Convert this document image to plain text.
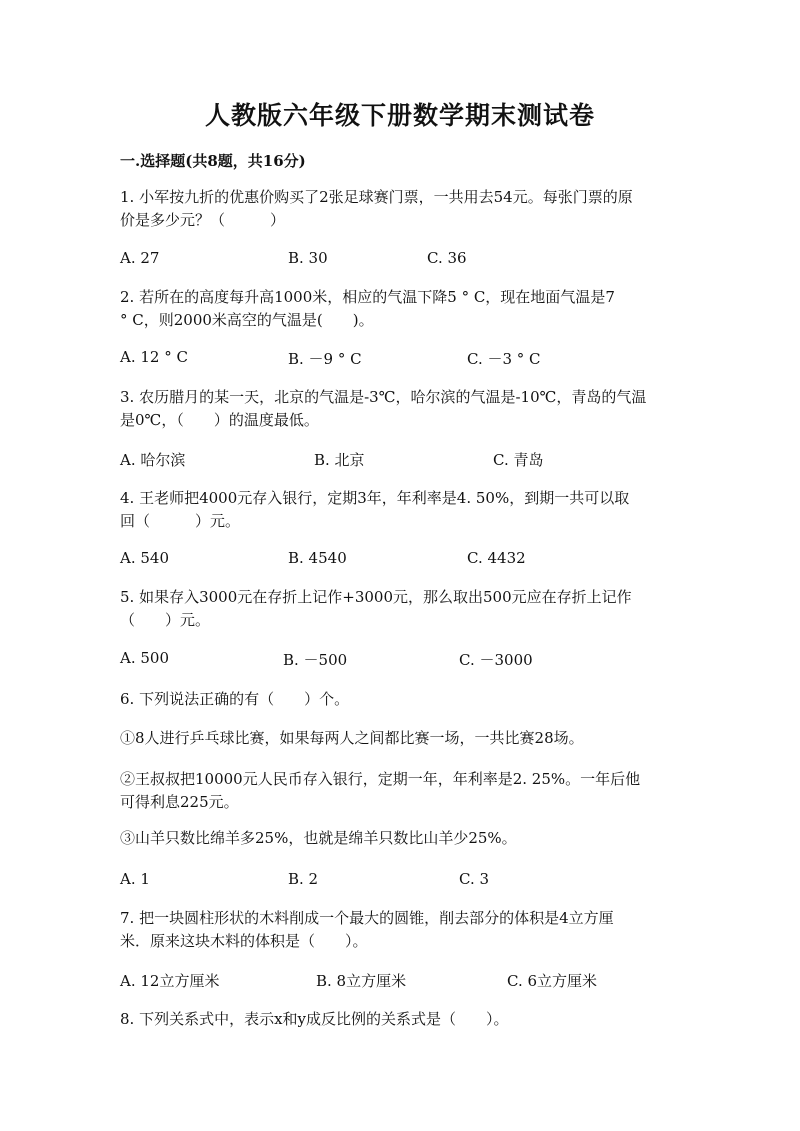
人教版六年级下册数学期末测试卷
一.选择题(共8题，共16分)
1. 小军按九折的优惠价购买了2张足球赛门票，一共用去54元。每张门票的原
价是多少元？（　　　）
A. 27	B. 30	C. 36
2. 若所在的高度每升高1000米，相应的气温下降5 ° C，现在地面气温是7
° C，则2000米高空的气温是(　　)。
A. 12 ° C	B. －9 ° C	C. －3 ° C
3. 农历腊月的某一天，北京的气温是-3℃，哈尔滨的气温是-10℃，青岛的气温
是0℃，（　　）的温度最低。
A. 哈尔滨	B. 北京	C. 青岛
4. 王老师把4000元存入银行，定期3年，年利率是4. 50%，到期一共可以取
回（　　　）元。
A. 540	B. 4540	C. 4432
5. 如果存入3000元在存折上记作+3000元，那么取出500元应在存折上记作
（　　）元。
A. 500	B. －500	C. －3000
6. 下列说法正确的有（　　）个。
①8人进行乒乓球比赛，如果每两人之间都比赛一场，一共比赛28场。
②王叔叔把10000元人民币存入银行，定期一年，年利率是2. 25%。一年后他
可得利息225元。
③山羊只数比绵羊多25%，也就是绵羊只数比山羊少25%。
A. 1	B. 2	C. 3
7. 把一块圆柱形状的木料削成一个最大的圆锥，削去部分的体积是4立方厘
米．原来这块木料的体积是（　　）。
A. 12立方厘米	B. 8立方厘米	C. 6立方厘米
8. 下列关系式中，表示x和y成反比例的关系式是（　　）。
